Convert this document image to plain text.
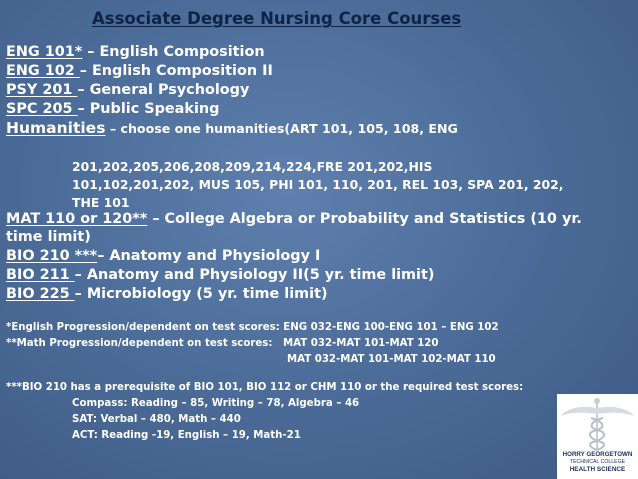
Associate Degree Nursing Core Courses
ENG 101* – English Composition
ENG 102 – English Composition II
PSY 201 – General Psychology
SPC 205 – Public Speaking
Humanities – choose one humanities(ART 101, 105, 108, ENG
201,202,205,206,208,209,214,224,FRE 201,202,HIS
101,102,201,202, MUS 105, PHI 101, 110, 201, REL 103, SPA 201, 202,
THE 101
MAT 110 or 120** – College Algebra or Probability and Statistics (10 yr.
time limit)
BIO 210 ***– Anatomy and Physiology I
BIO 211 – Anatomy and Physiology II(5 yr. time limit)
BIO 225 – Microbiology (5 yr. time limit)
*English Progression/dependent on test scores: ENG 032-ENG 100-ENG 101 – ENG 102
**Math Progression/dependent on test scores:   MAT 032-MAT 101-MAT 120
MAT 032-MAT 101-MAT 102-MAT 110
***BIO 210 has a prerequisite of BIO 101, BIO 112 or CHM 110 or the required test scores:
Compass: Reading – 85, Writing – 78, Algebra – 46
SAT: Verbal – 480, Math – 440
ACT: Reading -19, English – 19, Math-21
HORRY GEORGETOWN
TECHNICAL COLLEGE
HEALTH SCIENCE
